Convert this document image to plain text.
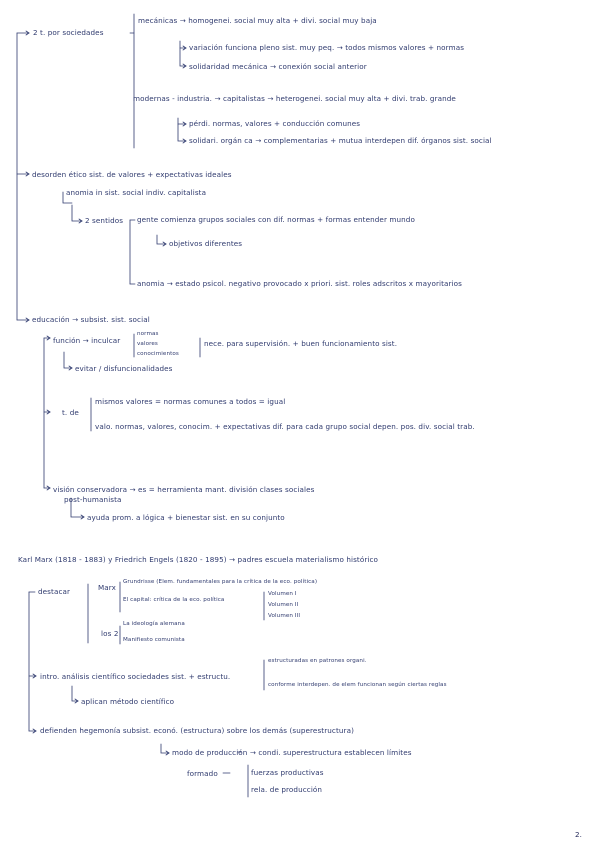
2 t. por sociedades
mecánicas → homogenei. social muy alta + divi. social muy baja
variación funciona pleno sist. muy peq. → todos mismos valores + normas
solidaridad mecánica → conexión social anterior
modernas - industria. → capitalistas → heterogenei. social muy alta + divi. trab. grande
pérdi. normas, valores + conducción comunes
solidari. orgán ca → complementarias + mutua interdepen dif. órganos sist. social
desorden ético sist. de valores + expectativas ideales
anomia in sist. social indiv. capitalista
2 sentidos gente comienza grupos sociales con dif. normas + formas entender mundo
objetivos diferentes
anomia → estado psicol. negativo provocado x priori. sist. roles adscritos x mayoritarios
educación → subsist. sist. social
función → inculcar
normas
valores
conocimientos
nece. para supervisión. + buen funcionamiento sist.
evitar / disfuncionalidades
t. de
mismos valores = normas comunes a todos = igual
valo. normas, valores, conocim. + expectativas dif. para cada grupo social depen. pos. div. social trab.
visión conservadora → es = herramienta mant. división clases sociales
post-humanista
ayuda prom. a lógica + bienestar sist. en su conjunto
Karl Marx (1818 - 1883) y Friedrich Engels (1820 - 1895) → padres escuela materialismo histórico
destacar	Marx
Grundrisse (Elem. fundamentales para la crítica de la eco. política)
El capital: crítica de la eco. política
Volumen I
Volumen II
Volumen III
los 2
La ideología alemana
Manifiesto comunista
intro. análisis científico sociedades sist. + estructu.
estructuradas en patrones organi.
conforme interdepen. de elem funcionan según ciertas reglas
aplican método científico
defienden hegemonía subsist. econó. (estructura) sobre los demás (superestructura)
modo de producción → condi. superestructura establecen límites
formado	fuerzas productivas
rela. de producción
2.
